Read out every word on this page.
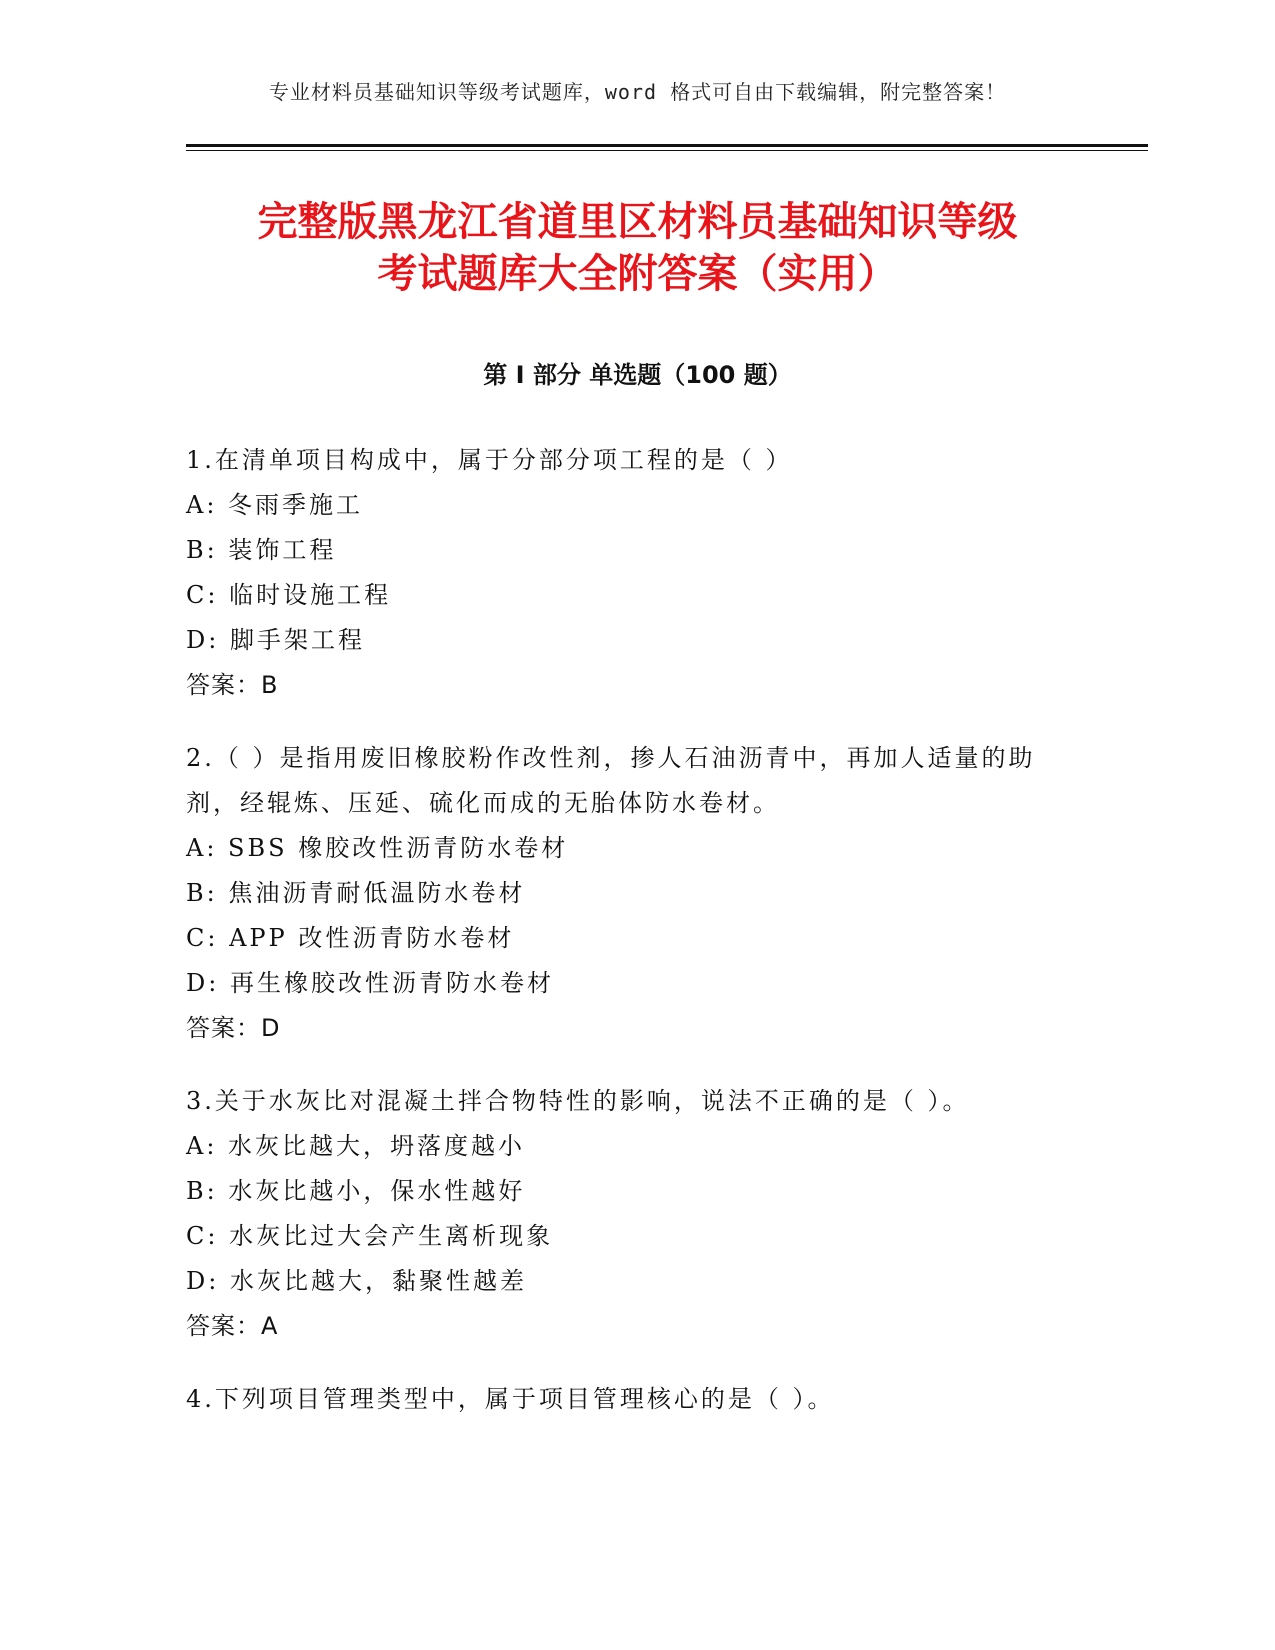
专业材料员基础知识等级考试题库，word 格式可自由下载编辑，附完整答案！
完整版黑龙江省道里区材料员基础知识等级
考试题库大全附答案（实用）
第 I 部分 单选题（100 题）
1.在清单项目构成中，属于分部分项工程的是（ ）
A: 冬雨季施工
B: 装饰工程
C: 临时设施工程
D: 脚手架工程
答案：B
2.（ ）是指用废旧橡胶粉作改性剂，掺人石油沥青中，再加人适量的助剂，经辊炼、压延、硫化而成的无胎体防水卷材。
A: SBS 橡胶改性沥青防水卷材
B: 焦油沥青耐低温防水卷材
C: APP 改性沥青防水卷材
D: 再生橡胶改性沥青防水卷材
答案：D
3.关于水灰比对混凝土拌合物特性的影响，说法不正确的是（ ）。
A: 水灰比越大，坍落度越小
B: 水灰比越小，保水性越好
C: 水灰比过大会产生离析现象
D: 水灰比越大，黏聚性越差
答案：A
4.下列项目管理类型中，属于项目管理核心的是（ ）。
